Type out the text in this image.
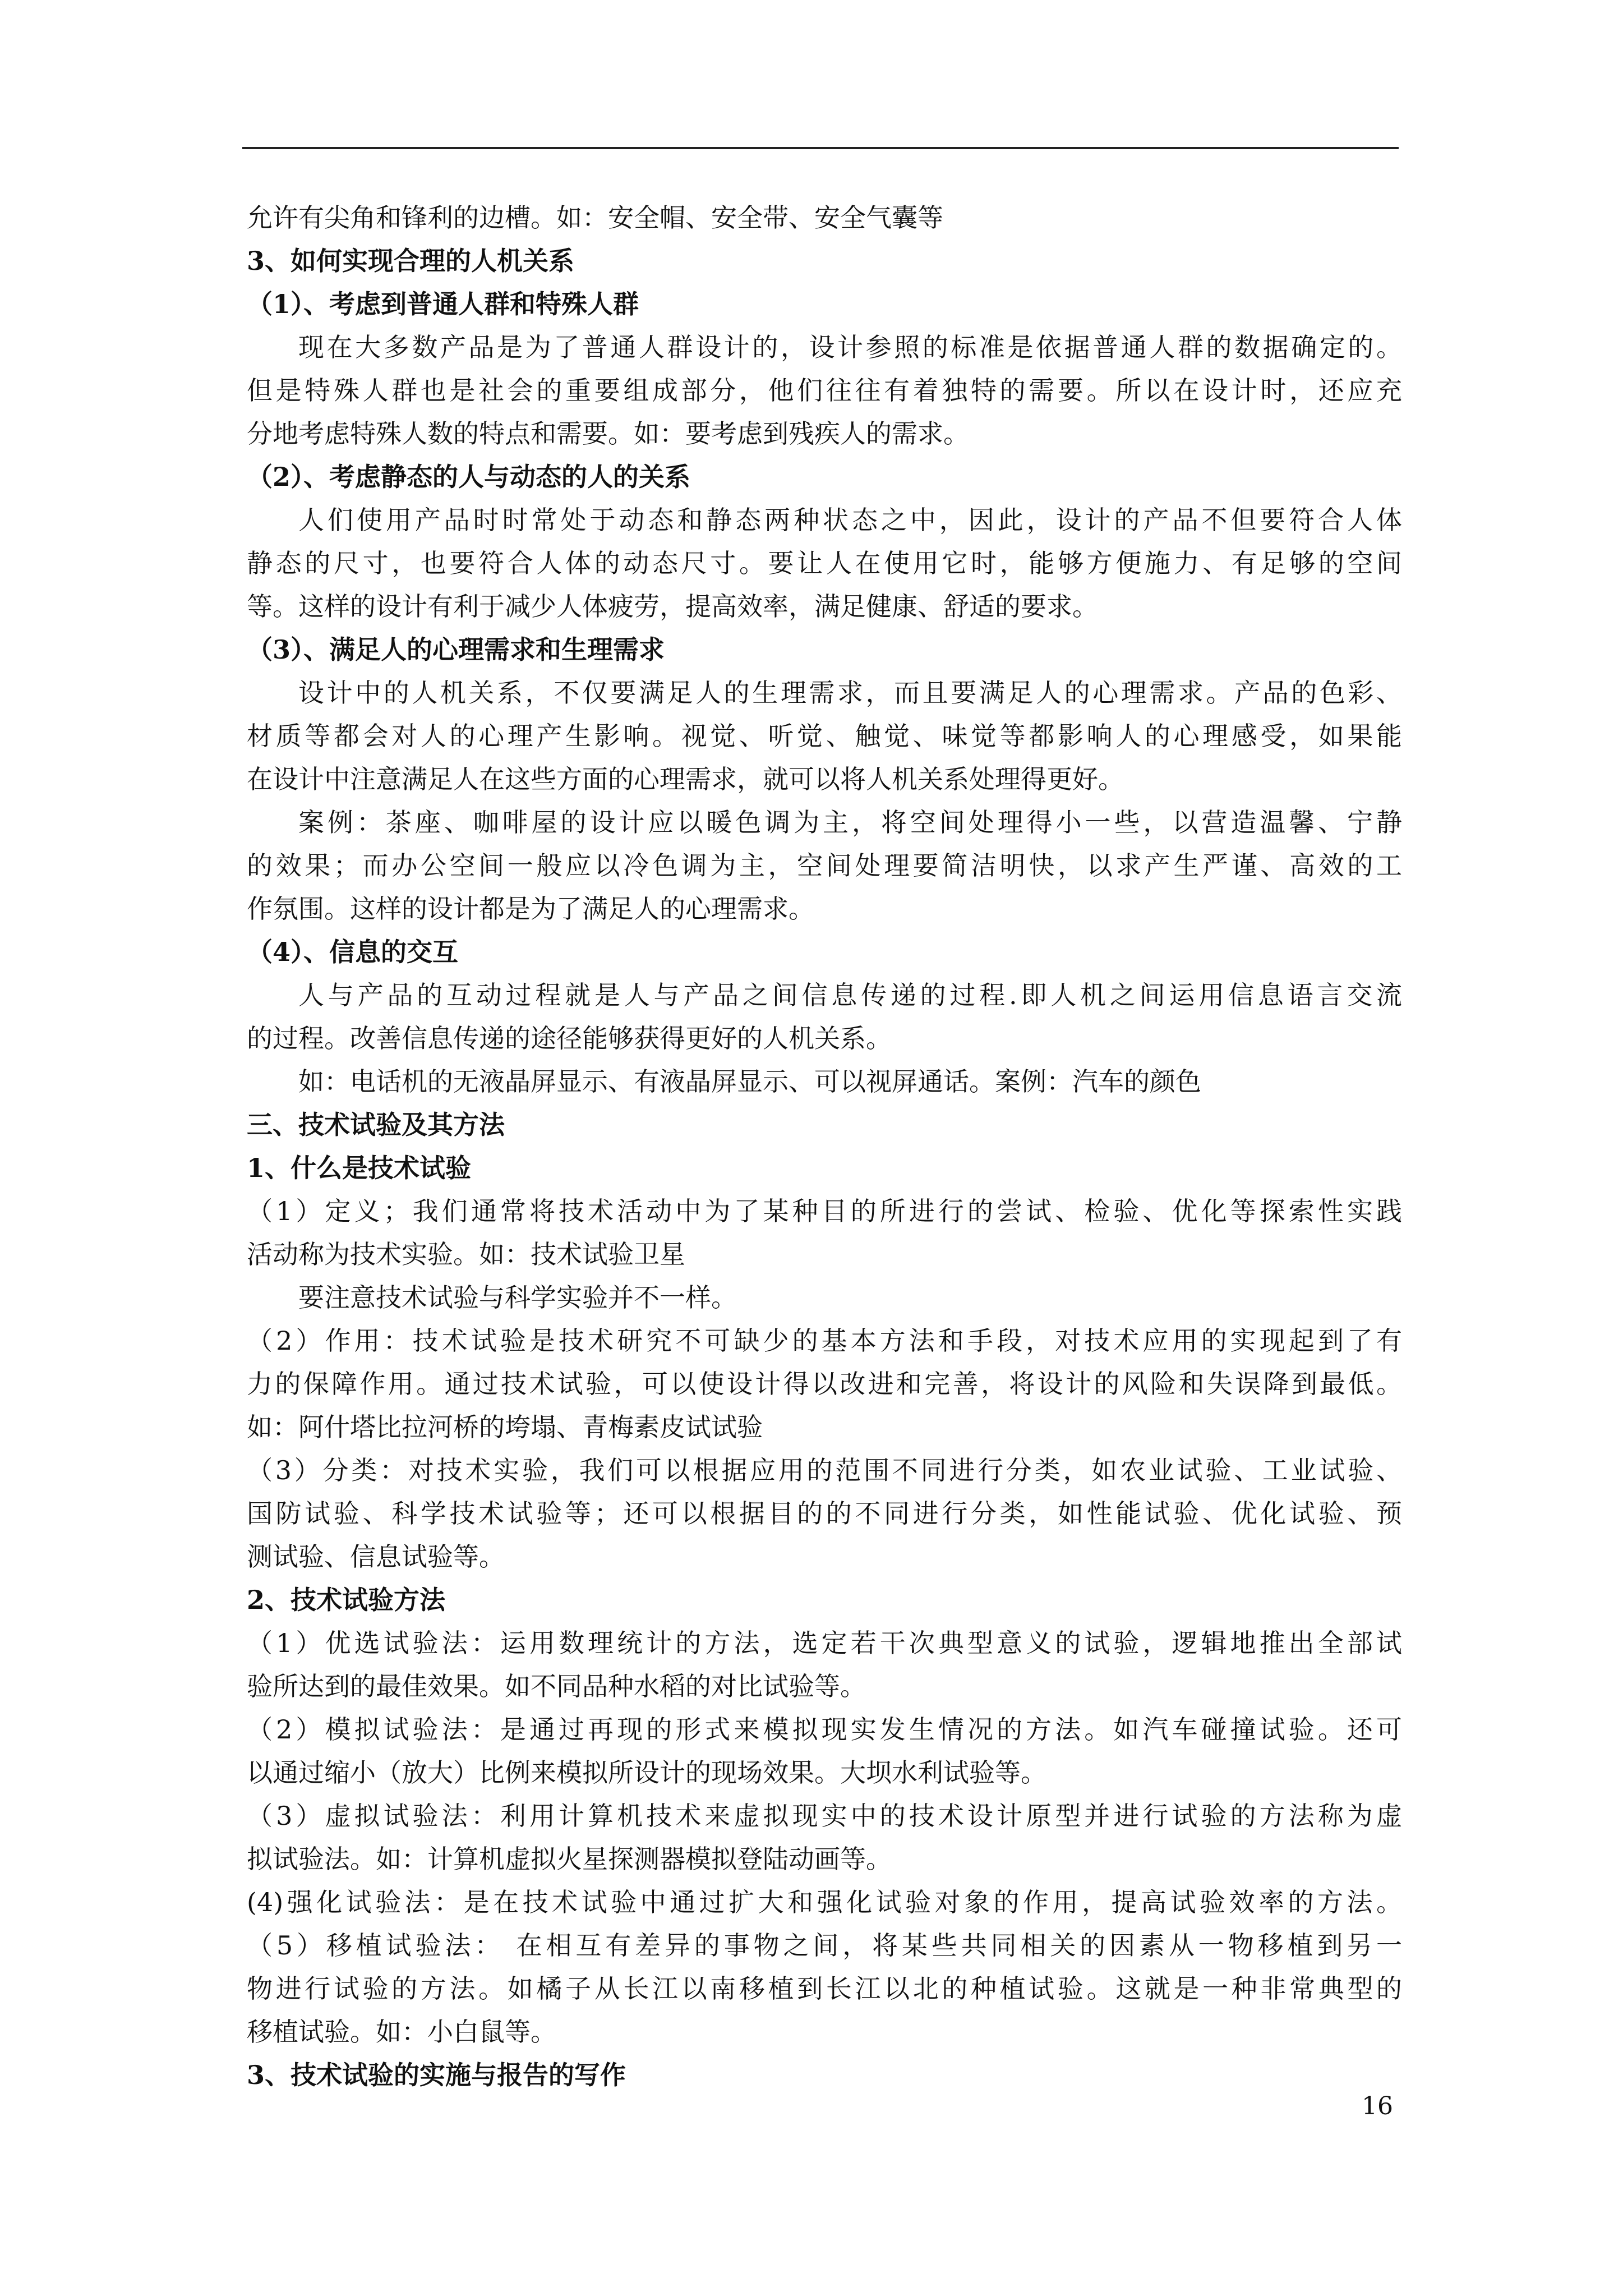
允许有尖角和锋利的边槽。如：安全帽、安全带、安全气囊等
3、如何实现合理的人机关系
（1）、考虑到普通人群和特殊人群
现在大多数产品是为了普通人群设计的，设计参照的标准是依据普通人群的数据确定的。
但是特殊人群也是社会的重要组成部分，他们往往有着独特的需要。所以在设计时，还应充
分地考虑特殊人数的特点和需要。如：要考虑到残疾人的需求。
（2）、考虑静态的人与动态的人的关系
人们使用产品时时常处于动态和静态两种状态之中，因此，设计的产品不但要符合人体
静态的尺寸，也要符合人体的动态尺寸。要让人在使用它时，能够方便施力、有足够的空间
等。这样的设计有利于减少人体疲劳，提高效率，满足健康、舒适的要求。
（3）、满足人的心理需求和生理需求
设计中的人机关系，不仅要满足人的生理需求，而且要满足人的心理需求。产品的色彩、
材质等都会对人的心理产生影响。视觉、听觉、触觉、味觉等都影响人的心理感受，如果能
在设计中注意满足人在这些方面的心理需求，就可以将人机关系处理得更好。
案例：茶座、咖啡屋的设计应以暖色调为主，将空间处理得小一些，以营造温馨、宁静
的效果；而办公空间一般应以冷色调为主，空间处理要简洁明快，以求产生严谨、高效的工
作氛围。这样的设计都是为了满足人的心理需求。
（4）、信息的交互
人与产品的互动过程就是人与产品之间信息传递的过程.即人机之间运用信息语言交流
的过程。改善信息传递的途径能够获得更好的人机关系。
如：电话机的无液晶屏显示、有液晶屏显示、可以视屏通话。案例：汽车的颜色
三、技术试验及其方法
1、什么是技术试验
（1）定义；我们通常将技术活动中为了某种目的所进行的尝试、检验、优化等探索性实践
活动称为技术实验。如：技术试验卫星
要注意技术试验与科学实验并不一样。
（2）作用：技术试验是技术研究不可缺少的基本方法和手段，对技术应用的实现起到了有
力的保障作用。通过技术试验，可以使设计得以改进和完善，将设计的风险和失误降到最低。
如：阿什塔比拉河桥的垮塌、青梅素皮试试验
（3）分类：对技术实验，我们可以根据应用的范围不同进行分类，如农业试验、工业试验、
国防试验、科学技术试验等；还可以根据目的的不同进行分类，如性能试验、优化试验、预
测试验、信息试验等。
2、技术试验方法
（1）优选试验法：运用数理统计的方法，选定若干次典型意义的试验，逻辑地推出全部试
验所达到的最佳效果。如不同品种水稻的对比试验等。
（2）模拟试验法：是通过再现的形式来模拟现实发生情况的方法。如汽车碰撞试验。还可
以通过缩小（放大）比例来模拟所设计的现场效果。大坝水利试验等。
（3）虚拟试验法：利用计算机技术来虚拟现实中的技术设计原型并进行试验的方法称为虚
拟试验法。如：计算机虚拟火星探测器模拟登陆动画等。
(4)强化试验法：是在技术试验中通过扩大和强化试验对象的作用，提高试验效率的方法。
（5）移植试验法： 在相互有差异的事物之间，将某些共同相关的因素从一物移植到另一
物进行试验的方法。如橘子从长江以南移植到长江以北的种植试验。这就是一种非常典型的
移植试验。如：小白鼠等。
3、技术试验的实施与报告的写作
16
